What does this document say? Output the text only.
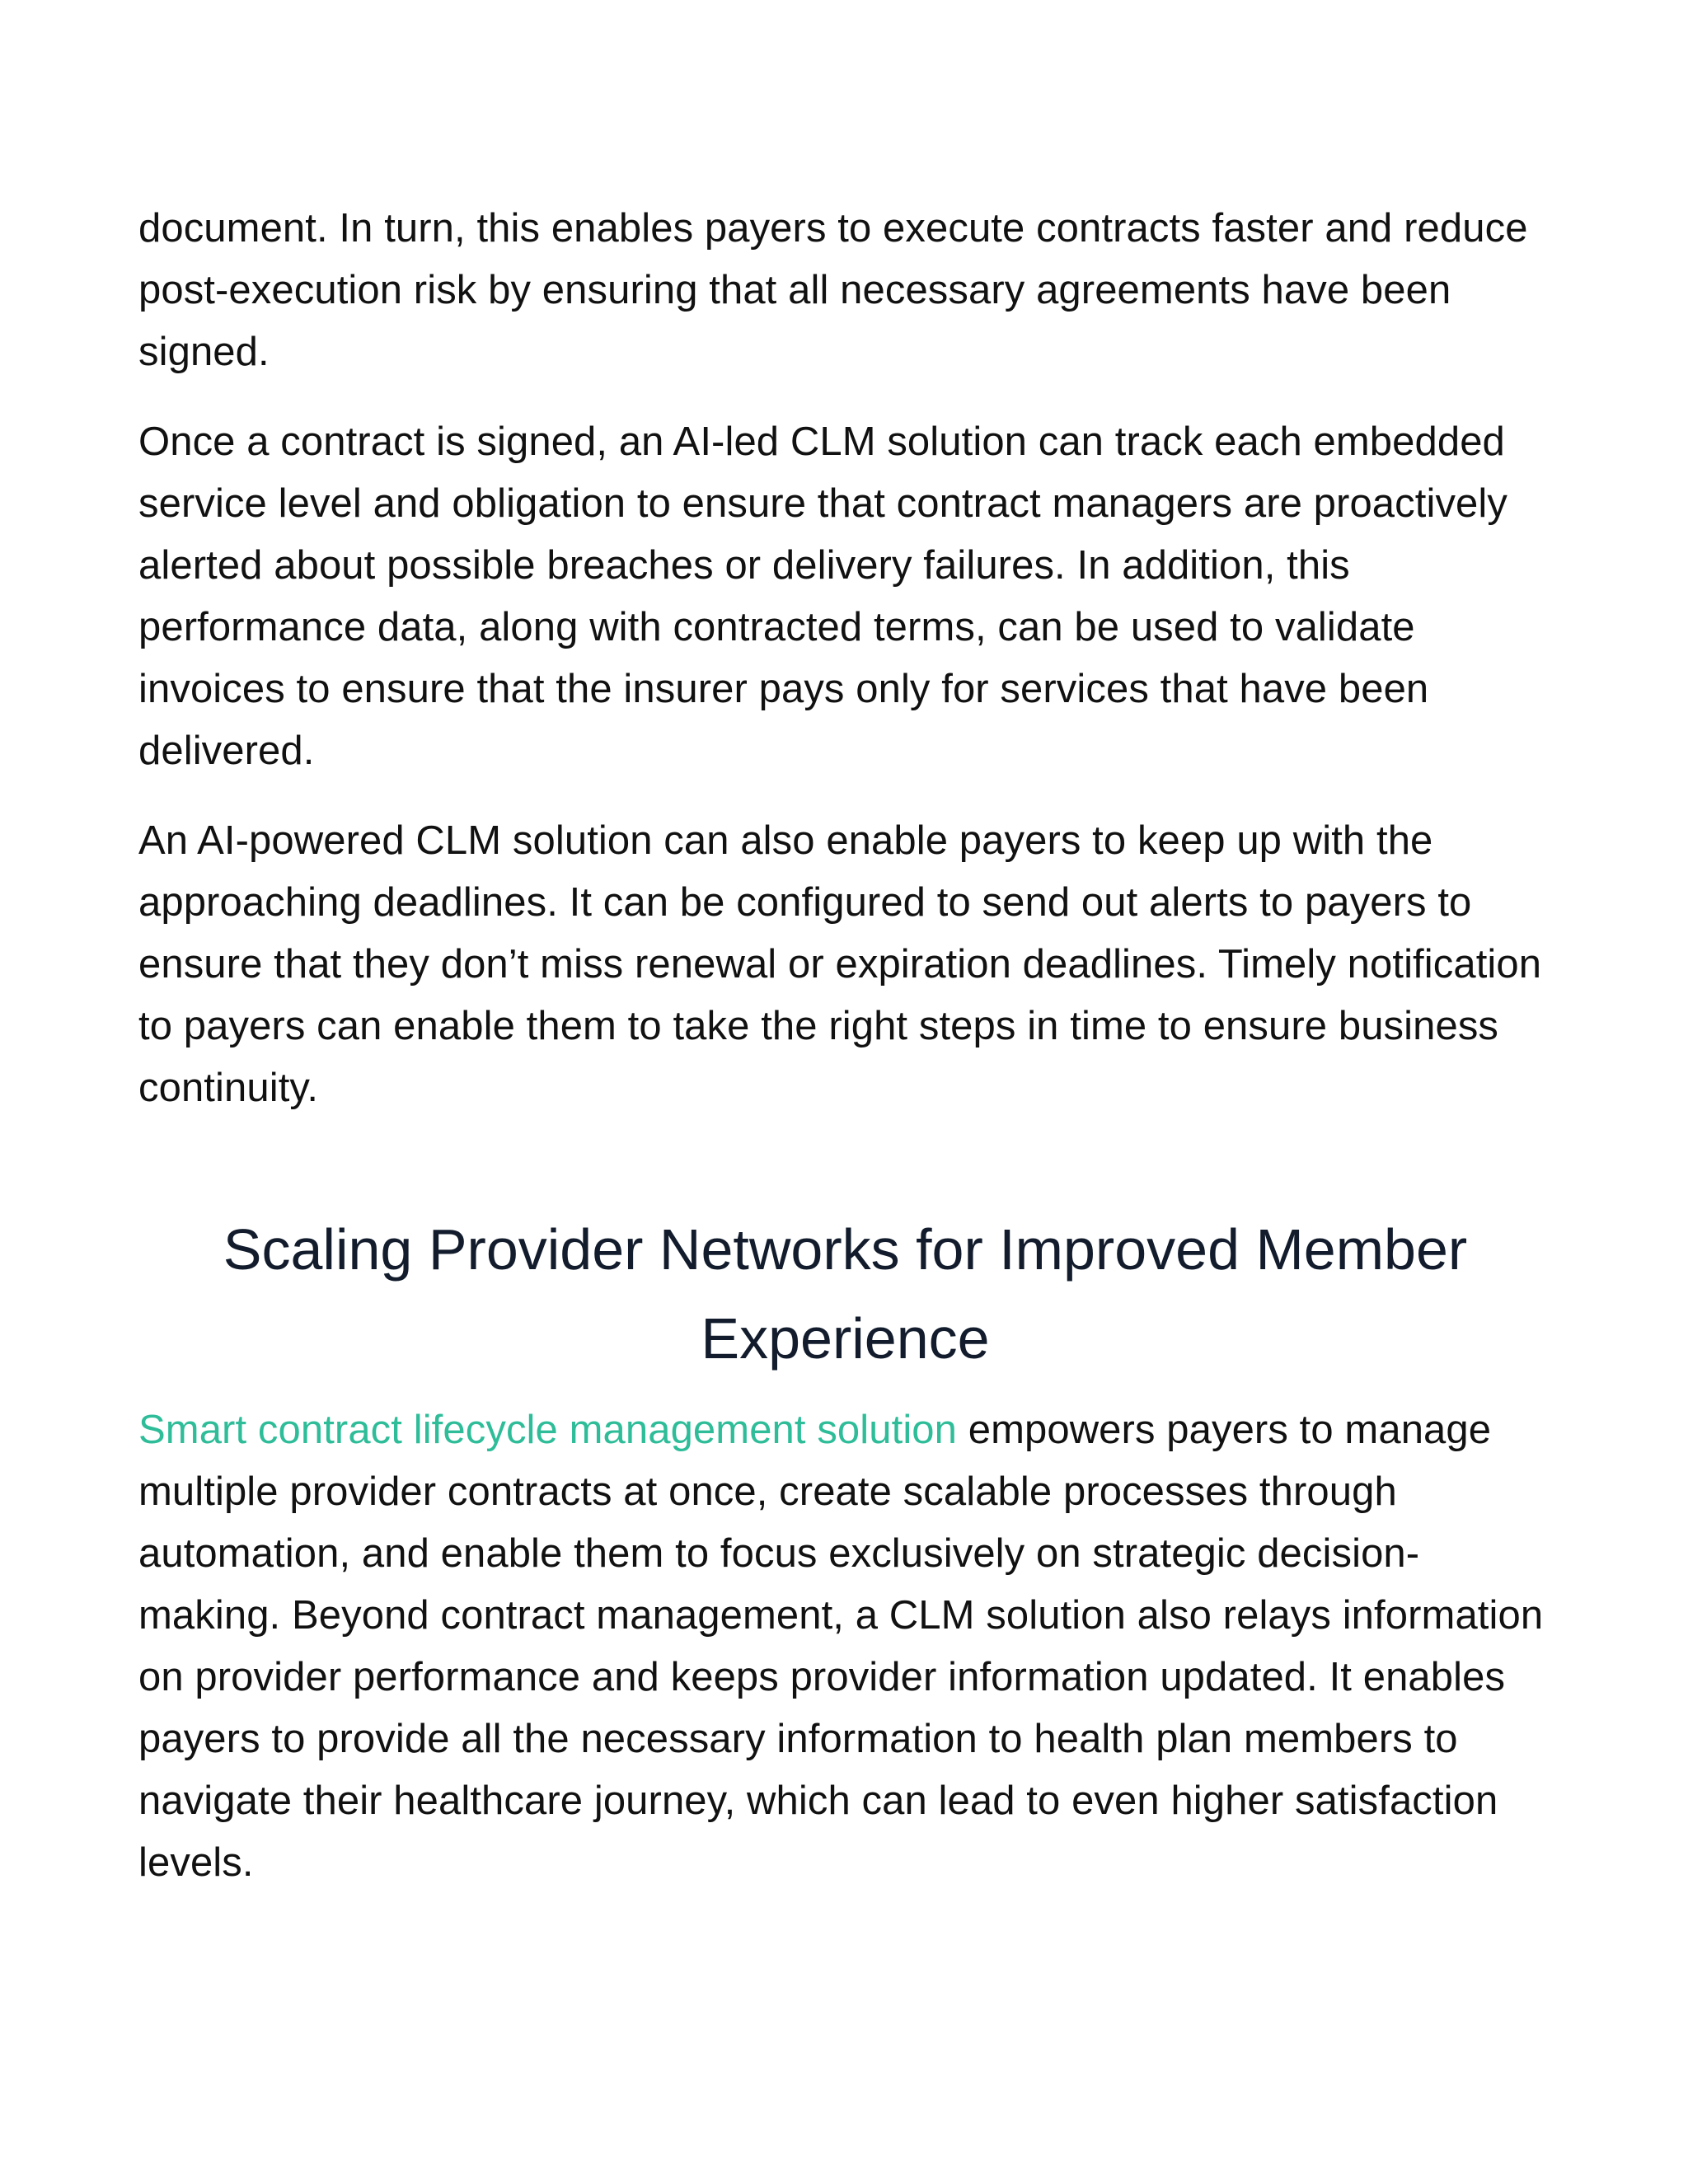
document. In turn, this enables payers to execute contracts faster and reduce post-execution risk by ensuring that all necessary agreements have been signed.

Once a contract is signed, an AI-led CLM solution can track each embedded service level and obligation to ensure that contract managers are proactively alerted about possible breaches or delivery failures. In addition, this performance data, along with contracted terms, can be used to validate invoices to ensure that the insurer pays only for services that have been delivered.

An AI-powered CLM solution can also enable payers to keep up with the approaching deadlines. It can be configured to send out alerts to payers to ensure that they don’t miss renewal or expiration deadlines. Timely notification to payers can enable them to take the right steps in time to ensure business continuity.

Scaling Provider Networks for Improved Member Experience

Smart contract lifecycle management solution empowers payers to manage multiple provider contracts at once, create scalable processes through automation, and enable them to focus exclusively on strategic decision-making. Beyond contract management, a CLM solution also relays information on provider performance and keeps provider information updated. It enables payers to provide all the necessary information to health plan members to navigate their healthcare journey, which can lead to even higher satisfaction levels.
